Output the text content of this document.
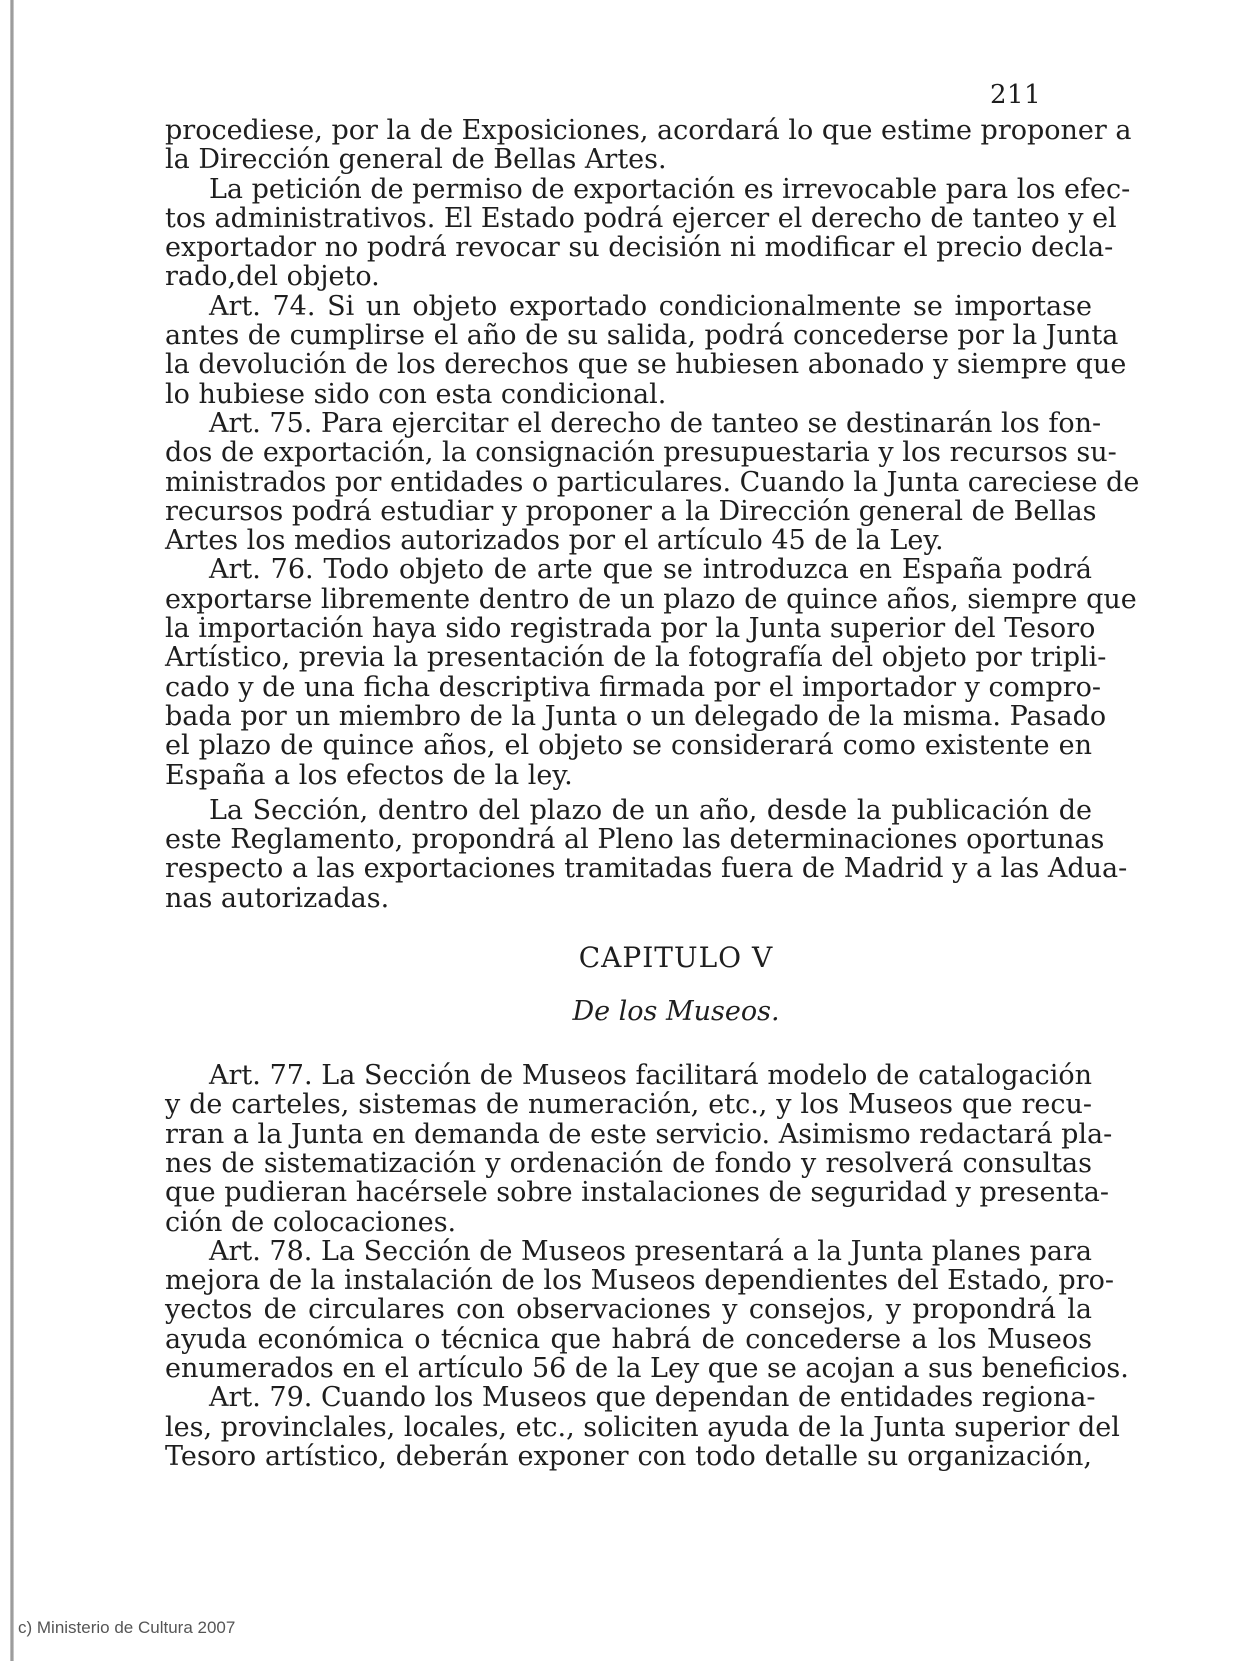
211
procediese, por la de Exposiciones, acordará lo que estime proponer a
la Dirección general de Bellas Artes.
La petición de permiso de exportación es irrevocable para los efec-
tos administrativos. El Estado podrá ejercer el derecho de tanteo y el
exportador no podrá revocar su decisión ni modificar el precio decla-
rado,del objeto.
Art. 74. Si un objeto exportado condicionalmente se importase
antes de cumplirse el año de su salida, podrá concederse por la Junta
la devolución de los derechos que se hubiesen abonado y siempre que
lo hubiese sido con esta condicional.
Art. 75. Para ejercitar el derecho de tanteo se destinarán los fon-
dos de exportación, la consignación presupuestaria y los recursos su-
ministrados por entidades o particulares. Cuando la Junta careciese de
recursos podrá estudiar y proponer a la Dirección general de Bellas
Artes los medios autorizados por el artículo 45 de la Ley.
Art. 76. Todo objeto de arte que se introduzca en España podrá
exportarse libremente dentro de un plazo de quince años, siempre que
la importación haya sido registrada por la Junta superior del Tesoro
Artístico, previa la presentación de la fotografía del objeto por tripli-
cado y de una ficha descriptiva firmada por el importador y compro-
bada por un miembro de la Junta o un delegado de la misma. Pasado
el plazo de quince años, el objeto se considerará como existente en
España a los efectos de la ley.
La Sección, dentro del plazo de un año, desde la publicación de
este Reglamento, propondrá al Pleno las determinaciones oportunas
respecto a las exportaciones tramitadas fuera de Madrid y a las Adua-
nas autorizadas.
CAPITULO V
De los Museos.
Art. 77. La Sección de Museos facilitará modelo de catalogación
y de carteles, sistemas de numeración, etc., y los Museos que recu-
rran a la Junta en demanda de este servicio. Asimismo redactará pla-
nes de sistematización y ordenación de fondo y resolverá consultas
que pudieran hacérsele sobre instalaciones de seguridad y presenta-
ción de colocaciones.
Art. 78. La Sección de Museos presentará a la Junta planes para
mejora de la instalación de los Museos dependientes del Estado, pro-
yectos de circulares con observaciones y consejos, y propondrá la
ayuda económica o técnica que habrá de concederse a los Museos
enumerados en el artículo 56 de la Ley que se acojan a sus beneficios.
Art. 79. Cuando los Museos que dependan de entidades regiona-
les, provinclales, locales, etc., soliciten ayuda de la Junta superior del
Tesoro artístico, deberán exponer con todo detalle su organización,
c) Ministerio de Cultura 2007
